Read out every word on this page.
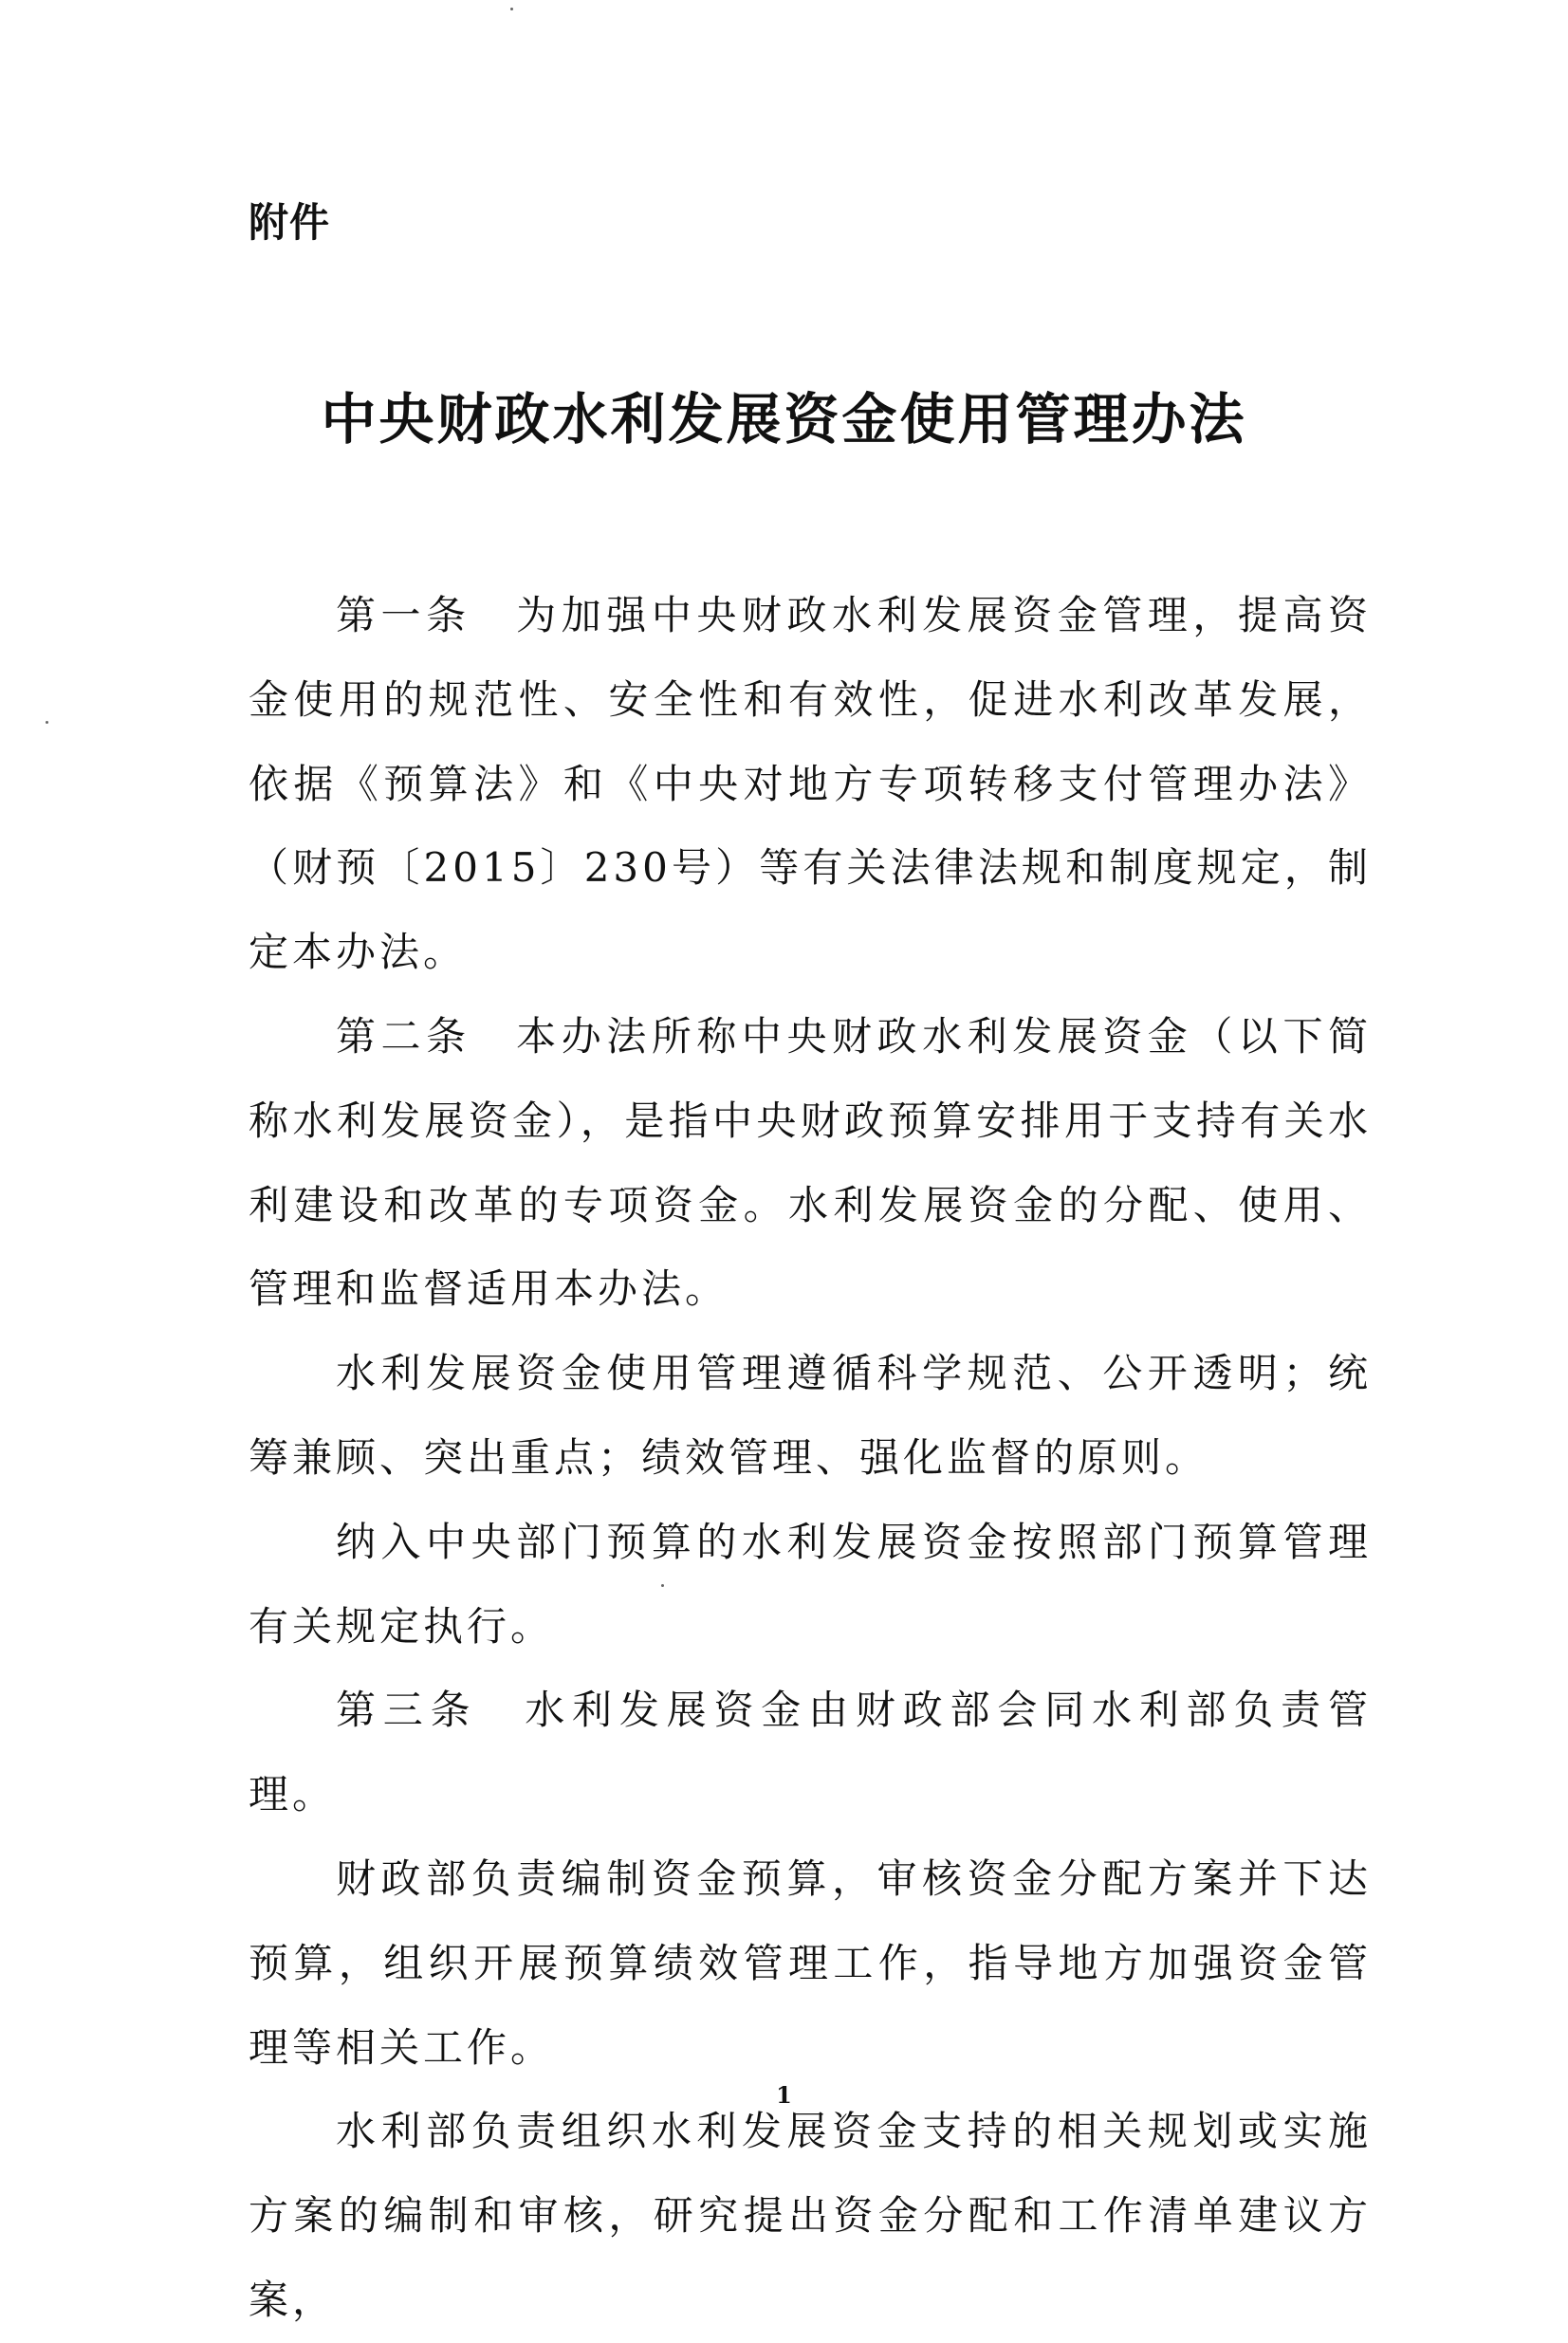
附件
中央财政水利发展资金使用管理办法

第一条　为加强中央财政水利发展资金管理，提高资金使用的规范性、安全性和有效性，促进水利改革发展，依据《预算法》和《中央对地方专项转移支付管理办法》（财预〔2015〕230号）等有关法律法规和制度规定，制定本办法。

第二条　本办法所称中央财政水利发展资金（以下简称水利发展资金），是指中央财政预算安排用于支持有关水利建设和改革的专项资金。水利发展资金的分配、使用、管理和监督适用本办法。

水利发展资金使用管理遵循科学规范、公开透明；统筹兼顾、突出重点；绩效管理、强化监督的原则。

纳入中央部门预算的水利发展资金按照部门预算管理有关规定执行。

第三条　水利发展资金由财政部会同水利部负责管理。

财政部负责编制资金预算，审核资金分配方案并下达预算，组织开展预算绩效管理工作，指导地方加强资金管理等相关工作。

水利部负责组织水利发展资金支持的相关规划或实施方案的编制和审核，研究提出资金分配和工作清单建议方案，

1
